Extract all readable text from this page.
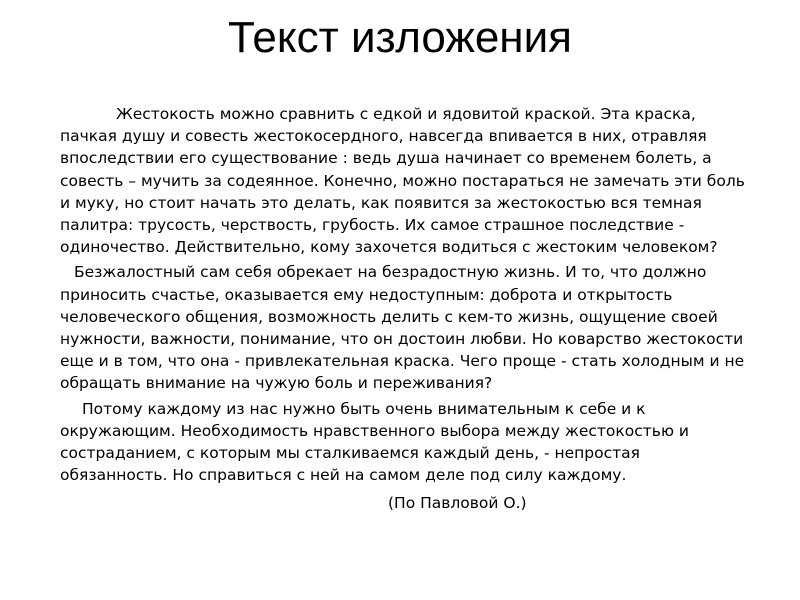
Текст изложения

Жестокость можно сравнить с едкой и ядовитой краской. Эта краска, пачкая душу и совесть жестокосердного, навсегда впивается в них, отравляя впоследствии его существование : ведь душа начинает со временем болеть, а совесть – мучить за содеянное. Конечно, можно постараться не замечать эти боль и муку, но стоит начать это делать, как появится за жестокостью вся темная палитра: трусость, черствость, грубость. Их самое страшное последствие - одиночество. Действительно, кому захочется водиться с жестоким человеком?

Безжалостный сам себя обрекает на безрадостную жизнь. И то, что должно приносить счастье, оказывается ему недоступным: доброта и открытость человеческого общения, возможность делить с кем-то жизнь, ощущение своей нужности, важности, понимание, что он достоин любви. Но коварство жестокости еще и в том, что она - привлекательная краска. Чего проще - стать холодным и не обращать внимание на чужую боль и переживания?

Потому каждому из нас нужно быть очень внимательным к себе и к окружающим. Необходимость нравственного выбора между жестокостью и состраданием, с которым мы сталкиваемся каждый день, - непростая обязанность. Но справиться с ней на самом деле под силу каждому.

(По Павловой О.)
